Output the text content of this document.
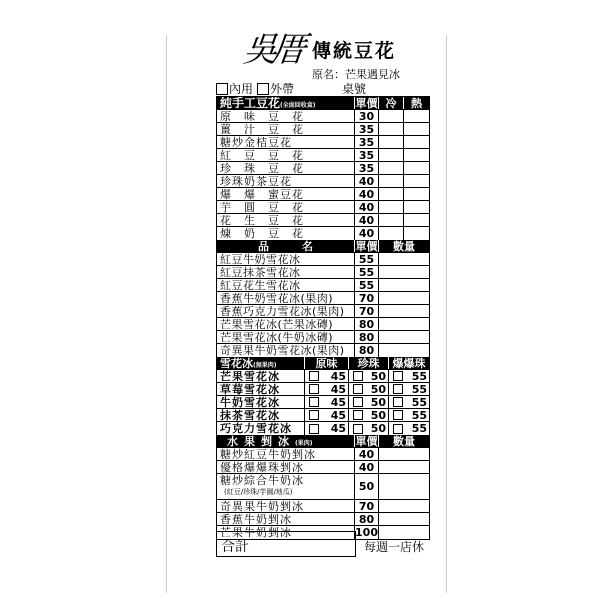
吳厝 傳統豆花
原名：芒果遇見冰
內用 外帶	桌號
純手工豆花(全面回收盒)	單價 冷	熱
原　味　豆　花	30
薑　汁　豆　花	35
糖炒金桔豆花	35
紅　豆　豆　花	35
珍　珠　豆　花	35
珍珠奶茶豆花	40
爆　爆　蜜豆花	40
芋　圓　豆　花	40
花　生　豆　花	40
煉　奶　豆　花	40
品　　　名	單價	數量
紅豆牛奶雪花冰	55
紅豆抹茶雪花冰	55
紅豆花生雪花冰	55
香蕉牛奶雪花冰(果肉)	70
香蕉巧克力雪花冰(果肉)	70
芒果雪花冰(芒果冰磚)	80
芒果雪花冰(牛奶冰磚)	80
奇異果牛奶雪花冰(果肉)	80
雪花冰(無果肉)	原味	珍珠	爆爆珠
芒果雪花冰	45 50 55
草莓雪花冰	45 50 55
牛奶雪花冰	45 50 55
抹茶雪花冰	45 50 55
巧克力雪花冰	45 50 55
水果剉冰(果肉)	單價	數量
糖炒紅豆牛奶剉冰	40
優格爆爆珠剉冰	40
糖炒綜合牛奶冰
(紅豆/珍珠/芋圓/地瓜)	50
奇異果牛奶剉冰	70
香蕉牛奶剉冰	80
芒果牛奶剉冰	100
合計	每週一店休
